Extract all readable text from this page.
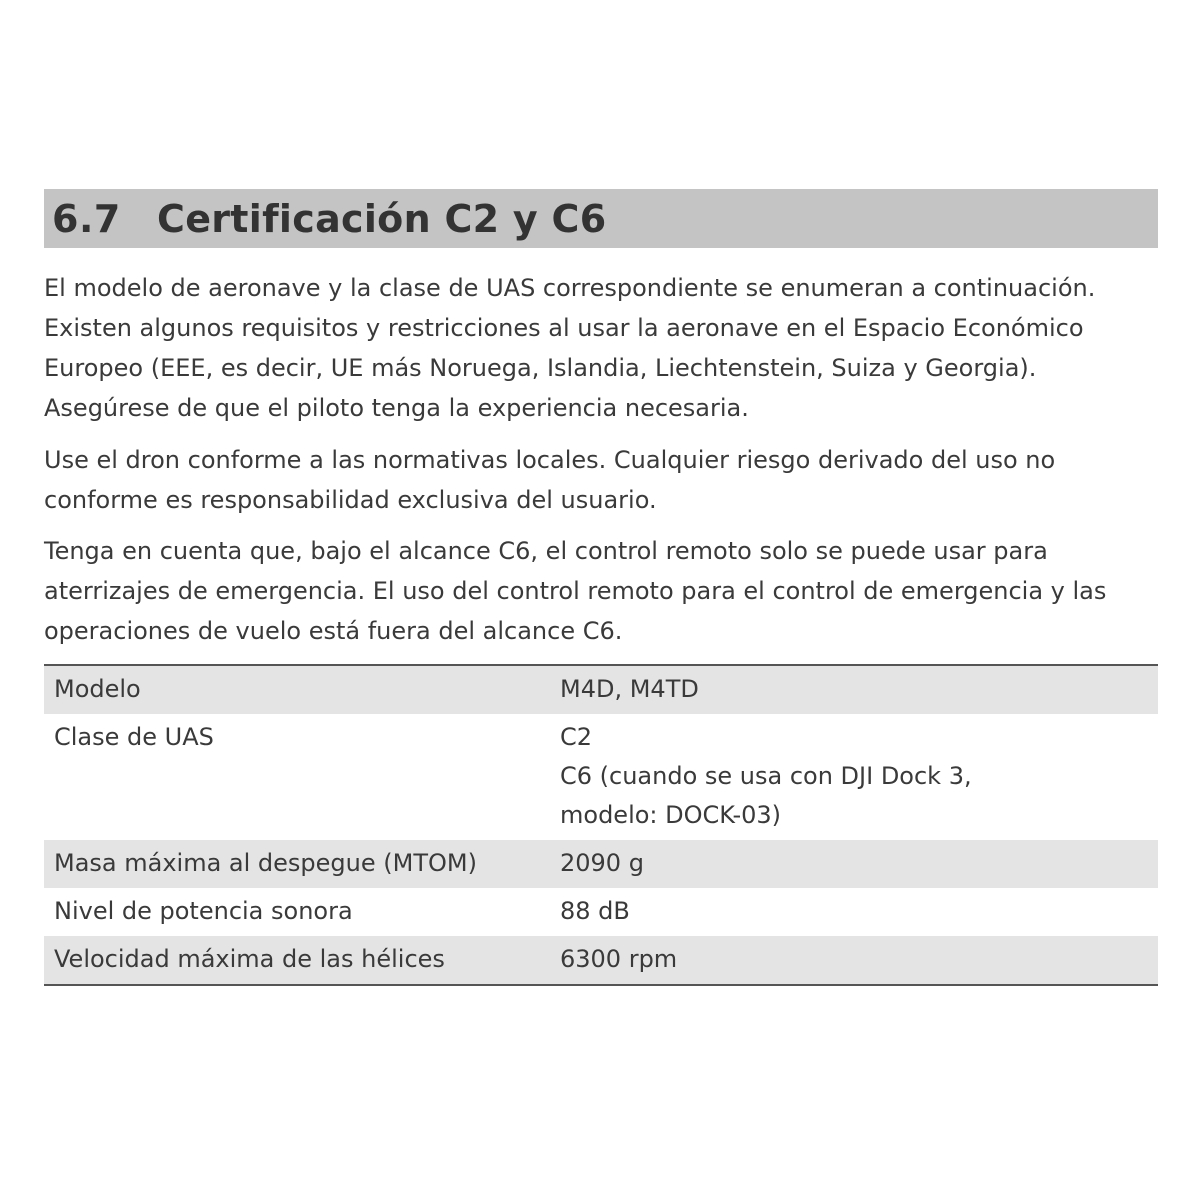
6.7 Certificación C2 y C6

El modelo de aeronave y la clase de UAS correspondiente se enumeran a continuación. Existen algunos requisitos y restricciones al usar la aeronave en el Espacio Económico Europeo (EEE, es decir, UE más Noruega, Islandia, Liechtenstein, Suiza y Georgia). Asegúrese de que el piloto tenga la experiencia necesaria.

Use el dron conforme a las normativas locales. Cualquier riesgo derivado del uso no conforme es responsabilidad exclusiva del usuario.

Tenga en cuenta que, bajo el alcance C6, el control remoto solo se puede usar para aterrizajes de emergencia. El uso del control remoto para el control de emergencia y las operaciones de vuelo está fuera del alcance C6.

Modelo	M4D, M4TD

Clase de UAS	C2
C6 (cuando se usa con DJI Dock 3, modelo: DOCK-03)

Masa máxima al despegue (MTOM)	2090 g

Nivel de potencia sonora	88 dB

Velocidad máxima de las hélices	6300 rpm
